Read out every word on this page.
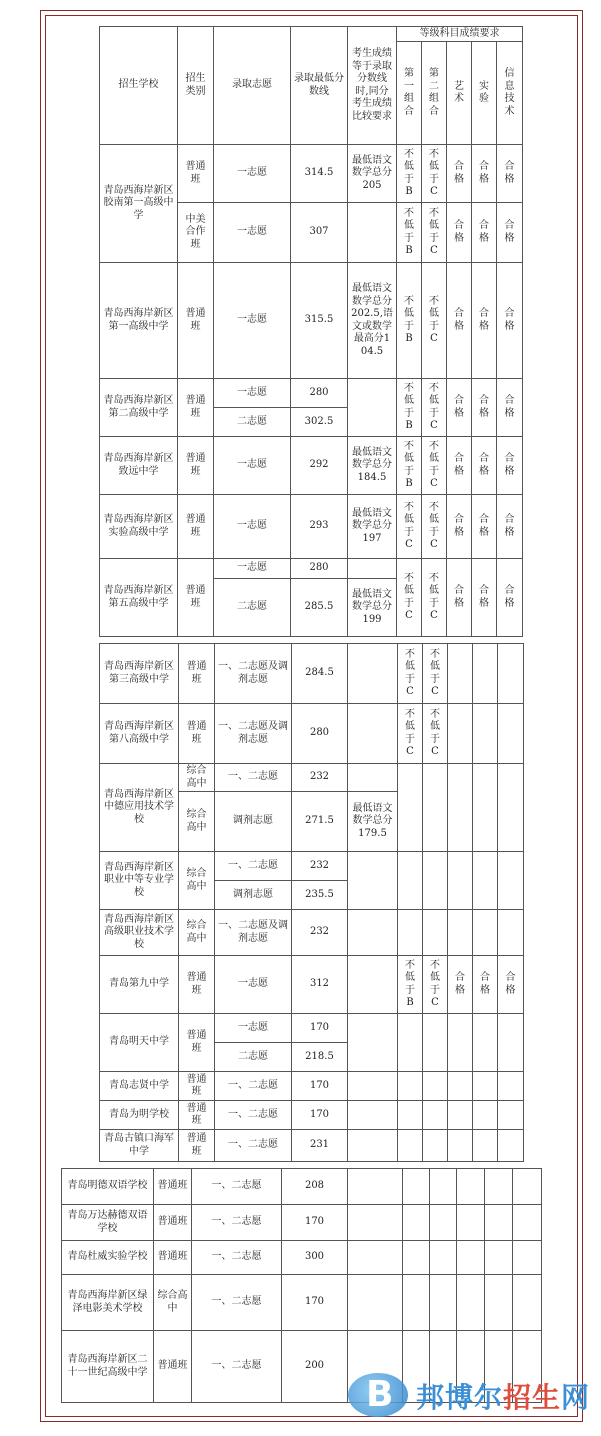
招生学校	招生类别	录取志愿	录取最低分数线	考生成绩等于录取分数线时,同分考生成绩比较要求	等级科目成绩要求				

					第一组合	第二组合	艺术	实验	信息技术

青岛西海岸新区胶南第一高级中学	普通班	一志愿	314.5	最低语文数学总分205	不低于B	不低于C	合格	合格	合格

	中美合作班	一志愿	307		不低于B	不低于C	合格	合格	合格

青岛西海岸新区第一高级中学	普通班	一志愿	315.5	最低语文数学总分202.5,语文或数学最高分104.5	不低于B	不低于C	合格	合格	合格

青岛西海岸新区第二高级中学	普通班	一志愿	280		不低于B	不低于C	合格	合格	合格

		二志愿	302.5						
青岛西海岸新区致远中学	普通班	一志愿	292	最低语文数学总分184.5	不低于B	不低于C	合格	合格	合格

青岛西海岸新区实验高级中学	普通班	一志愿	293	最低语文数学总分197	不低于C	不低于C	合格	合格	合格

青岛西海岸新区第五高级中学	普通班	一志愿	280		不低于C	不低于C	合格	合格	合格

		二志愿	285.5	最低语文数学总分199					
青岛西海岸新区第三高级中学	普通班	一、二志愿及调剂志愿	284.5		不低于C	不低于C			

青岛西海岸新区第八高级中学	普通班	一、二志愿及调剂志愿	280		不低于C	不低于C			

青岛西海岸新区中德应用技术学校	综合高中	一、二志愿	232						
	综合高中	调剂志愿	271.5	最低语文数学总分179.5					
青岛西海岸新区职业中等专业学校	综合高中	一、二志愿	232						
		调剂志愿	235.5						
青岛西海岸新区高级职业技术学校	综合高中	一、二志愿及调剂志愿	232						
青岛第九中学	普通班	一志愿	312		不低于B	不低于C	合格	合格	合格

青岛明天中学	普通班	一志愿	170						
		二志愿	218.5						
青岛志贤中学	普通班	一、二志愿	170						
青岛为明学校	普通班	一、二志愿	170						
青岛古镇口海军中学	普通班	一、二志愿	231						
青岛明德双语学校	普通班	一、二志愿	208						
青岛万达赫德双语学校	普通班	一、二志愿	170						
青岛杜威实验学校	普通班	一、二志愿	300						
青岛西海岸新区绿泽电影美术学校	综合高中	一、二志愿	170						
青岛西海岸新区二十一世纪高级中学	普通班	一、二志愿	200						
B 邦博尔招生网
